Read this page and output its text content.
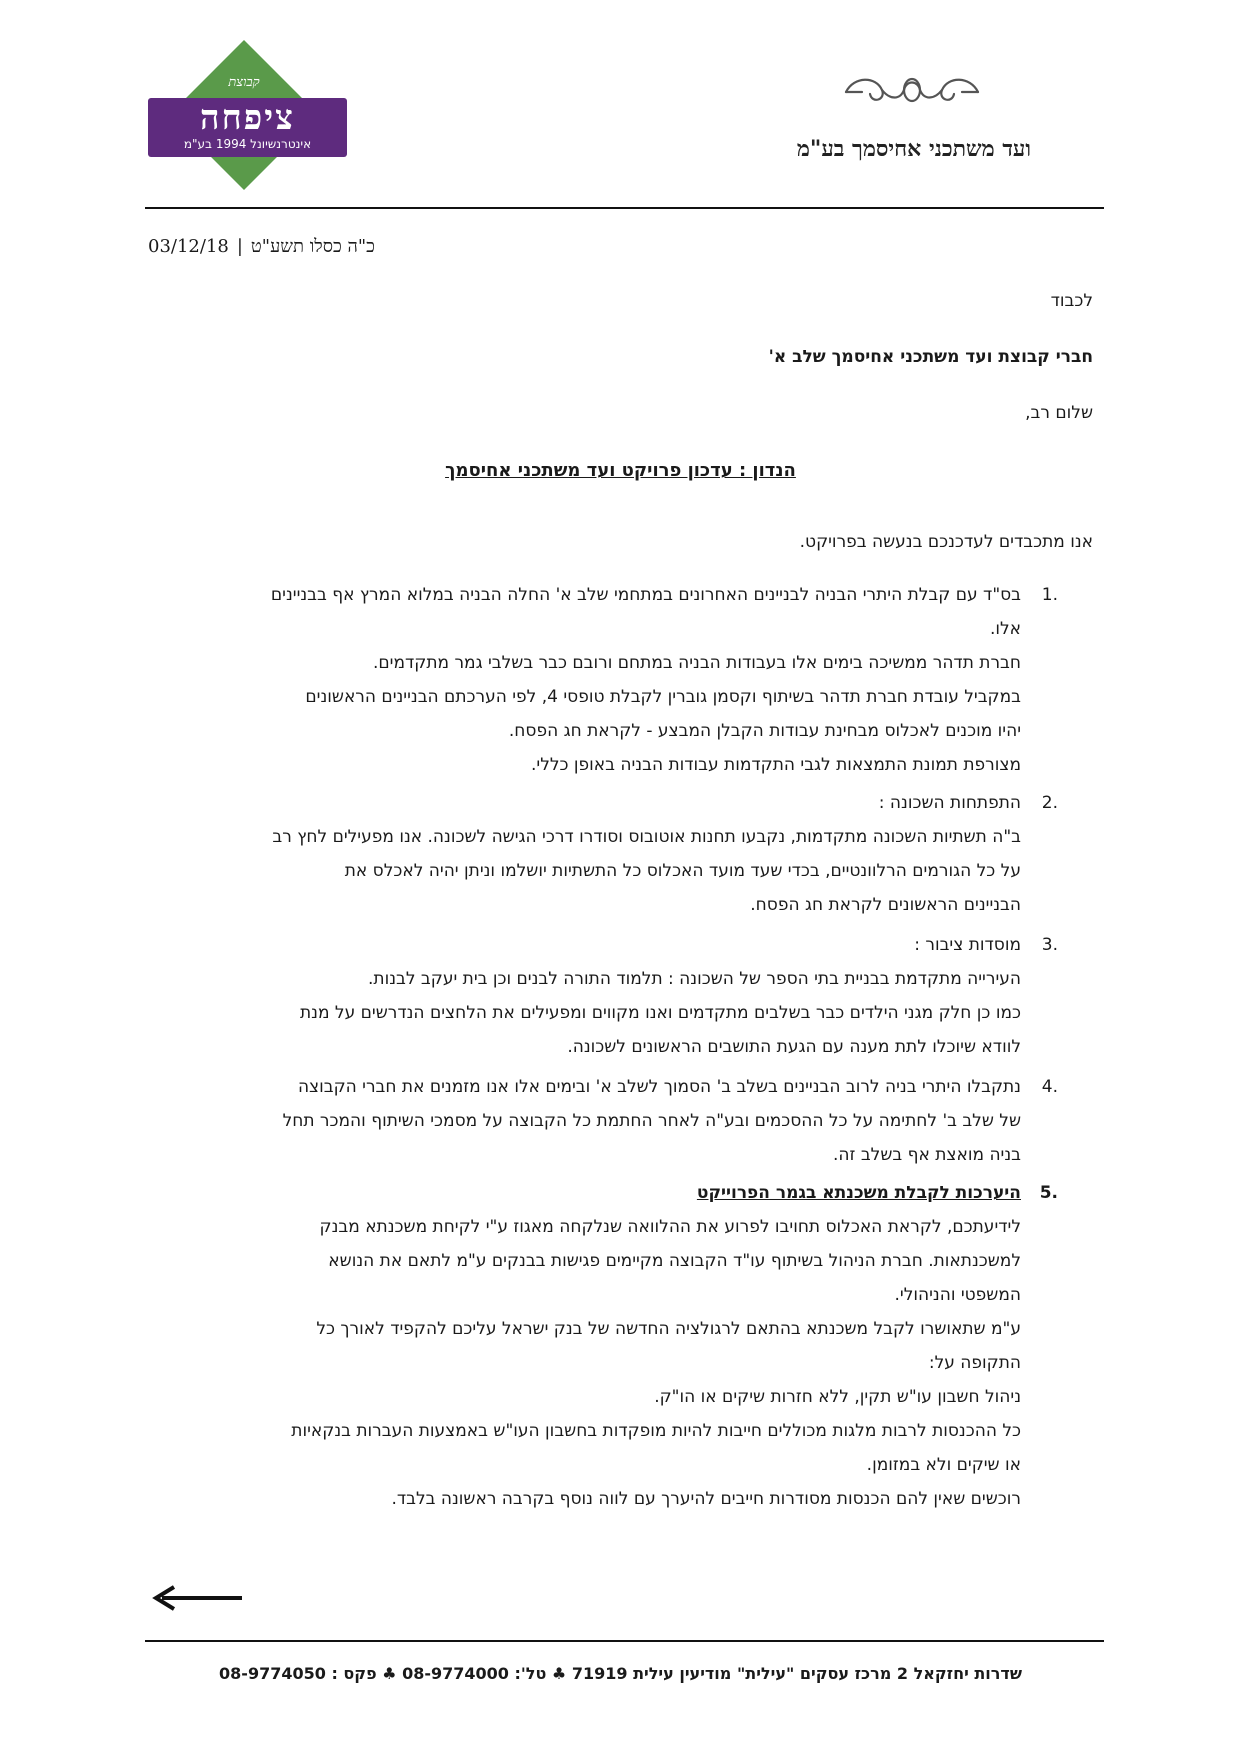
קבוצת
ציפחה
אינטרנשיונל 1994 בע"מ	ועד משתכני אחיסמך בע"מ
כ"ה כסלו תשע"ט|03/12/18
לכבוד
חברי קבוצת ועד משתכני אחיסמך שלב א'
שלום רב,
הנדון : עדכון פרויקט ועד משתכני אחיסמך
אנו מתכבדים לעדכנכם בנעשה בפרויקט.
1.
בס"ד עם קבלת היתרי הבניה לבניינים האחרונים במתחמי שלב א' החלה הבניה במלוא המרץ אף בבניינים
אלו.
חברת תדהר ממשיכה בימים אלו בעבודות הבניה במתחם ורובם כבר בשלבי גמר מתקדמים.
במקביל עובדת חברת תדהר בשיתוף וקסמן גוברין לקבלת טופסי 4, לפי הערכתם הבניינים הראשונים
יהיו מוכנים לאכלוס מבחינת עבודות הקבלן המבצע - לקראת חג הפסח.
מצורפת תמונת התמצאות לגבי התקדמות עבודות הבניה באופן כללי.
2.
התפתחות השכונה :
ב"ה תשתיות השכונה מתקדמות, נקבעו תחנות אוטובוס וסודרו דרכי הגישה לשכונה. אנו מפעילים לחץ רב
על כל הגורמים הרלוונטיים, בכדי שעד מועד האכלוס כל התשתיות יושלמו וניתן יהיה לאכלס את
הבניינים הראשונים לקראת חג הפסח.
3.
מוסדות ציבור :
העירייה מתקדמת בבניית בתי הספר של השכונה : תלמוד התורה לבנים וכן בית יעקב לבנות.
כמו כן חלק מגני הילדים כבר בשלבים מתקדמים ואנו מקווים ומפעילים את הלחצים הנדרשים על מנת
לוודא שיוכלו לתת מענה עם הגעת התושבים הראשונים לשכונה.
4.
נתקבלו היתרי בניה לרוב הבניינים בשלב ב' הסמוך לשלב א' ובימים אלו אנו מזמנים את חברי הקבוצה
של שלב ב' לחתימה על כל ההסכמים ובע"ה לאחר החתמת כל הקבוצה על מסמכי השיתוף והמכר תחל
בניה מואצת אף בשלב זה.
5.
היערכות לקבלת משכנתא בגמר הפרוייקט
לידיעתכם, לקראת האכלוס תחויבו לפרוע את ההלוואה שנלקחה מאגוז ע"י לקיחת משכנתא מבנק
למשכנתאות. חברת הניהול בשיתוף עו"ד הקבוצה מקיימים פגישות בבנקים ע"מ לתאם את הנושא
המשפטי והניהולי.
ע"מ שתאושרו לקבל משכנתא בהתאם לרגולציה החדשה של בנק ישראל עליכם להקפיד לאורך כל
התקופה על:
ניהול חשבון עו"ש תקין, ללא חזרות שיקים או הו"ק.
כל ההכנסות לרבות מלגות מכוללים חייבות להיות מופקדות בחשבון העו"ש באמצעות העברות בנקאיות
או שיקים ולא במזומן.
רוכשים שאין להם הכנסות מסודרות חייבים להיערך עם לווה נוסף בקרבה ראשונה בלבד.
שדרות יחזקאל 2 מרכז עסקים "עילית" מודיעין עילית 71919 ♣ טל': 08-9774000 ♣ פקס : 08-9774050
